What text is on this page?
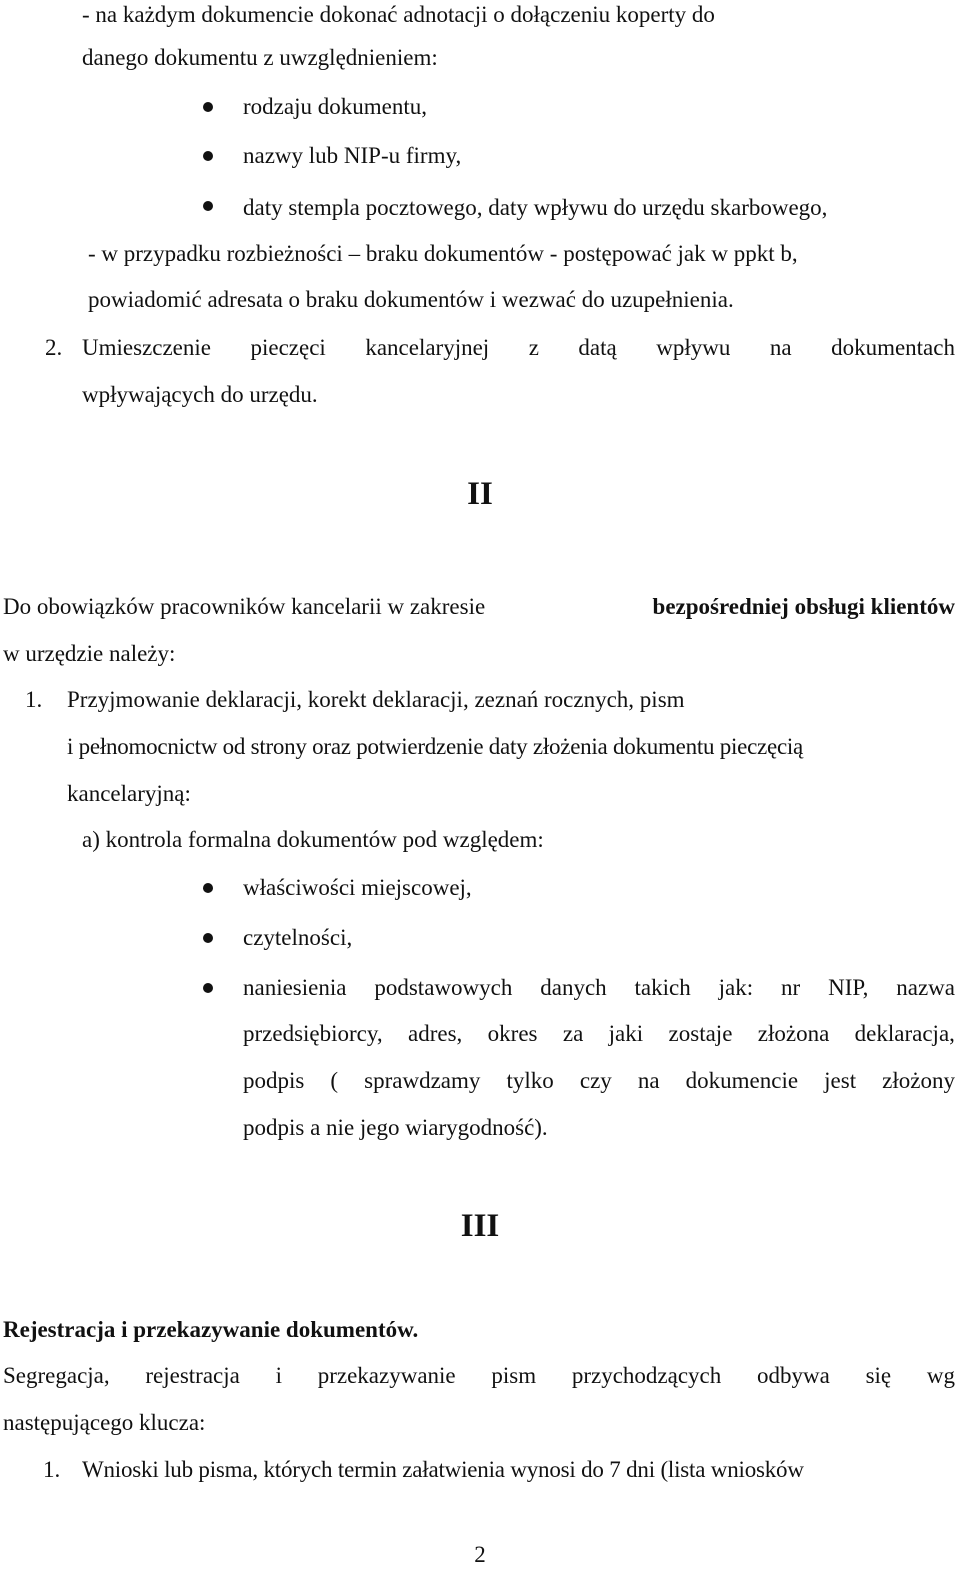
- na każdym dokumencie dokonać adnotacji o dołączeniu koperty do
danego dokumentu z uwzględnieniem:
rodzaju dokumentu,
nazwy lub NIP-u firmy,
daty stempla pocztowego, daty wpływu do urzędu skarbowego,
- w przypadku rozbieżności – braku dokumentów - postępować jak w ppkt b,
powiadomić adresata o braku dokumentów i wezwać do uzupełnienia.
2. Umieszczenie pieczęci kancelaryjnej z datą wpływu na dokumentach
wpływających do urzędu.
II
Do obowiązków pracowników kancelarii w zakresie	bezpośredniej obsługi klientów
w urzędzie należy:
1. Przyjmowanie deklaracji, korekt deklaracji, zeznań rocznych, pism
i pełnomocnictw od strony oraz potwierdzenie daty złożenia dokumentu pieczęcią
kancelaryjną:
a) kontrola formalna dokumentów pod względem:
właściwości miejscowej,
czytelności,
naniesienia podstawowych danych takich jak: nr NIP, nazwa
przedsiębiorcy, adres, okres za jaki zostaje złożona deklaracja,
podpis ( sprawdzamy tylko czy na dokumencie jest złożony
podpis a nie jego wiarygodność).
III
Rejestracja i przekazywanie dokumentów.
Segregacja, rejestracja i przekazywanie pism przychodzących odbywa się wg
następującego klucza:
1. Wnioski lub pisma, których termin załatwienia wynosi do 7 dni (lista wniosków
2
